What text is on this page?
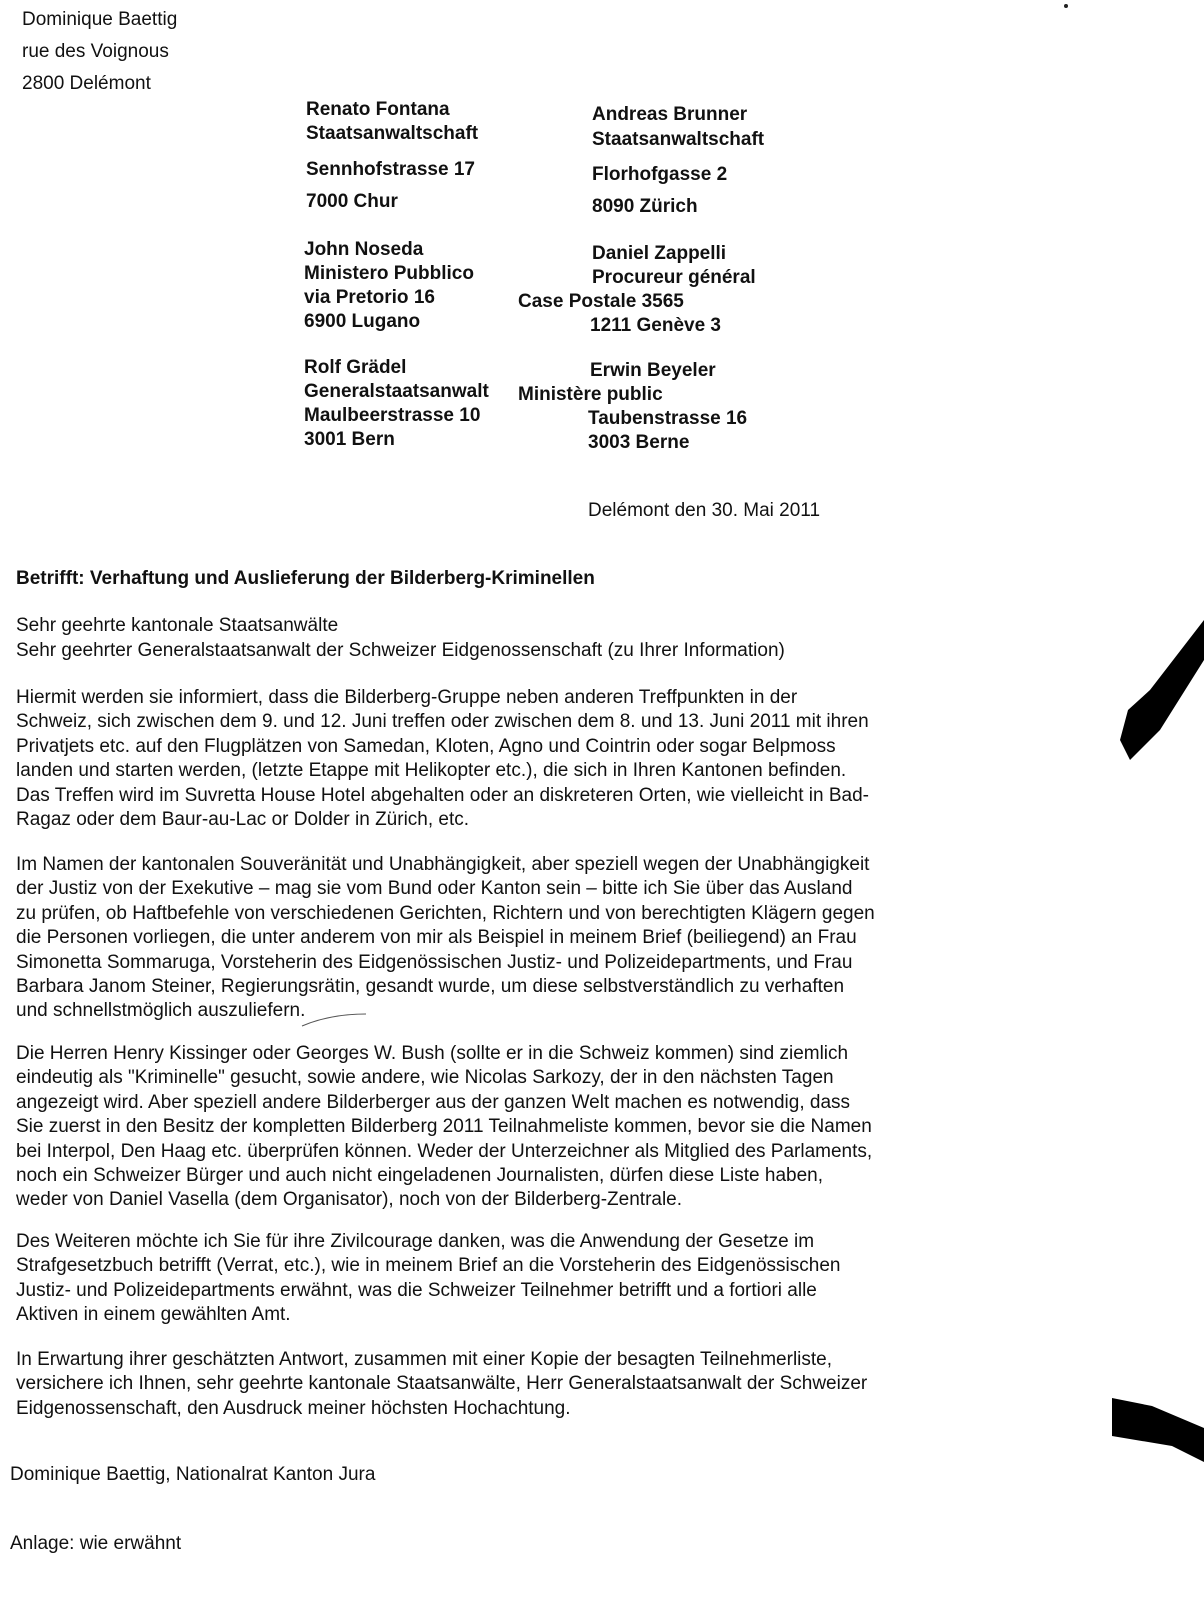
Dominique Baettig
rue des Voignous
2800 Delémont
Renato Fontana
Staatsanwaltschaft
Sennhofstrasse 17
7000 Chur
Andreas Brunner
Staatsanwaltschaft
Florhofgasse 2
8090 Zürich
John Noseda
Ministero Pubblico
via Pretorio 16
6900 Lugano
Daniel Zappelli
Procureur général
Case Postale 3565
1211 Genève 3
Rolf Grädel
Generalstaatsanwalt
Maulbeerstrasse 10
3001 Bern
Erwin Beyeler
Ministère public
Taubenstrasse 16
3003 Berne
Delémont den 30. Mai 2011
Betrifft: Verhaftung und Auslieferung der Bilderberg-Kriminellen
Sehr geehrte kantonale Staatsanwälte
Sehr geehrter Generalstaatsanwalt der Schweizer Eidgenossenschaft (zu Ihrer Information)
Hiermit werden sie informiert, dass die Bilderberg-Gruppe neben anderen Treffpunkten in der
Schweiz, sich zwischen dem 9. und 12. Juni treffen oder zwischen dem 8. und 13. Juni 2011 mit ihren
Privatjets etc. auf den Flugplätzen von Samedan, Kloten, Agno und Cointrin oder sogar Belpmoss
landen und starten werden, (letzte Etappe mit Helikopter etc.), die sich in Ihren Kantonen befinden.
Das Treffen wird im Suvretta House Hotel abgehalten oder an diskreteren Orten, wie vielleicht in Bad-
Ragaz oder dem Baur-au-Lac or Dolder in Zürich, etc.
Im Namen der kantonalen Souveränität und Unabhängigkeit, aber speziell wegen der Unabhängigkeit
der Justiz von der Exekutive – mag sie vom Bund oder Kanton sein – bitte ich Sie über das Ausland
zu prüfen, ob Haftbefehle von verschiedenen Gerichten, Richtern und von berechtigten Klägern gegen
die Personen vorliegen, die unter anderem von mir als Beispiel in meinem Brief (beiliegend) an Frau
Simonetta Sommaruga, Vorsteherin des Eidgenössischen Justiz- und Polizeidepartments, und Frau
Barbara Janom Steiner, Regierungsrätin, gesandt wurde, um diese selbstverständlich zu verhaften
und schnellstmöglich auszuliefern.
Die Herren Henry Kissinger oder Georges W. Bush (sollte er in die Schweiz kommen) sind ziemlich
eindeutig als "Kriminelle" gesucht, sowie andere, wie Nicolas Sarkozy, der in den nächsten Tagen
angezeigt wird. Aber speziell andere Bilderberger aus der ganzen Welt machen es notwendig, dass
Sie zuerst in den Besitz der kompletten Bilderberg 2011 Teilnahmeliste kommen, bevor sie die Namen
bei Interpol, Den Haag etc. überprüfen können. Weder der Unterzeichner als Mitglied des Parlaments,
noch ein Schweizer Bürger und auch nicht eingeladenen Journalisten, dürfen diese Liste haben,
weder von Daniel Vasella (dem Organisator), noch von der Bilderberg-Zentrale.
Des Weiteren möchte ich Sie für ihre Zivilcourage danken, was die Anwendung der Gesetze im
Strafgesetzbuch betrifft (Verrat, etc.), wie in meinem Brief an die Vorsteherin des Eidgenössischen
Justiz- und Polizeidepartments erwähnt, was die Schweizer Teilnehmer betrifft und a fortiori alle
Aktiven in einem gewählten Amt.
In Erwartung ihrer geschätzten Antwort, zusammen mit einer Kopie der besagten Teilnehmerliste,
versichere ich Ihnen, sehr geehrte kantonale Staatsanwälte, Herr Generalstaatsanwalt der Schweizer
Eidgenossenschaft, den Ausdruck meiner höchsten Hochachtung.
Dominique Baettig, Nationalrat Kanton Jura
Anlage: wie erwähnt
